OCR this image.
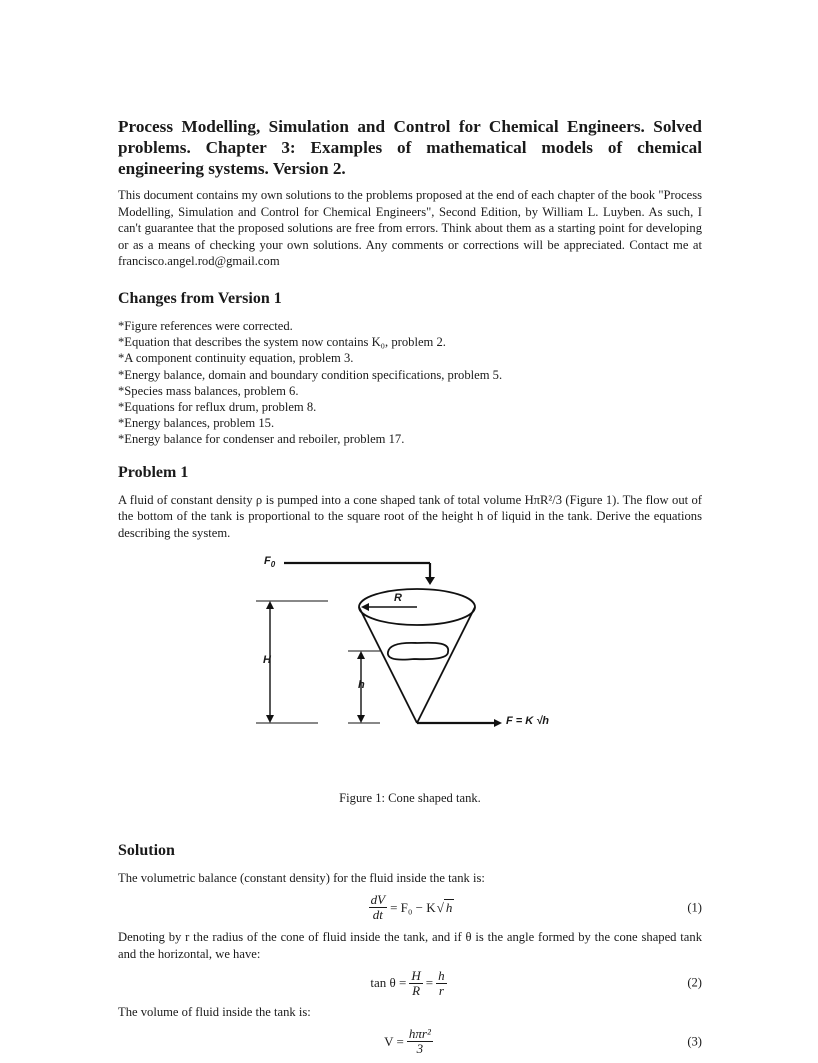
Process Modelling, Simulation and Control for Chemical Engineers. Solved problems. Chapter 3: Examples of mathematical models of chemical engineering systems. Version 2.

This document contains my own solutions to the problems proposed at the end of each chapter of the book "Process Modelling, Simulation and Control for Chemical Engineers", Second Edition, by William L. Luyben. As such, I can't guarantee that the proposed solutions are free from errors. Think about them as a starting point for developing or as a means of checking your own solutions. Any comments or corrections will be appreciated. Contact me at francisco.angel.rod@gmail.com

Changes from Version 1
*Figure references were corrected.
*Equation that describes the system now contains K₀, problem 2.
*A component continuity equation, problem 3.
*Energy balance, domain and boundary condition specifications, problem 5.
*Species mass balances, problem 6.
*Equations for reflux drum, problem 8.
*Energy balances, problem 15.
*Energy balance for condenser and reboiler, problem 17.
Problem 1

A fluid of constant density ρ is pumped into a cone shaped tank of total volume HπR²/3 (Figure 1). The flow out of the bottom of the tank is proportional to the square root of the height h of liquid in the tank. Derive the equations describing the system.

$F_0$
R
H
h
F = K √h
Figure 1: Cone shaped tank.
Solution

The volumetric balance (constant density) for the fluid inside the tank is:

$\frac{dV}{dt} = F_0 - K$  √ h	(1)

Denoting by r the radius of the cone of fluid inside the tank, and if θ is the angle formed by the cone shaped tank and the horizontal, we have:

$\tan \theta = \frac{H}{R} = \frac{h}{r}$	(2)

The volume of fluid inside the tank is:

$V = \frac{\text{hπr²}}{3}$	(3)
